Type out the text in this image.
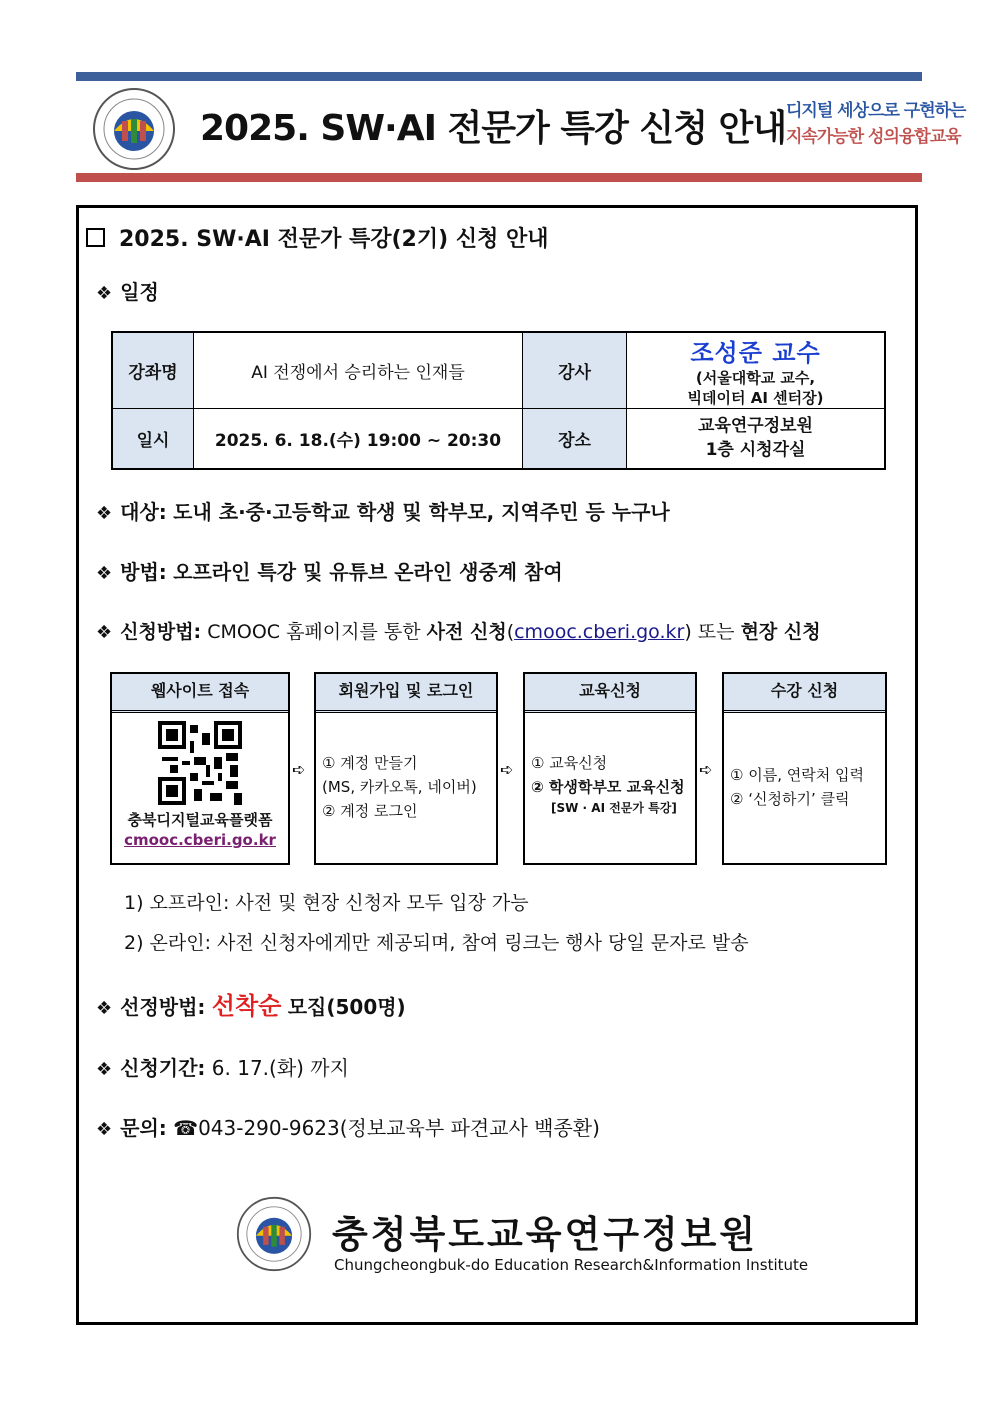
2025. SW·AI 전문가 특강 신청 안내 디지털 세상으로 구현하는
지속가능한 성의융합교육
2025. SW·AI 전문가 특강(2기) 신청 안내
❖ 일정
강좌명	AI 전쟁에서 승리하는 인재들	강사	조성준 교수
(서울대학교 교수,
빅데이터 AI 센터장)

일시	2025. 6. 18.(수) 19:00 ~ 20:30	장소	교육연구정보원
1층 시청각실
❖ 대상: 도내 초·중·고등학교 학생 및 학부모, 지역주민 등 누구나
❖ 방법: 오프라인 특강 및 유튜브 온라인 생중계 참여
❖ 신청방법: CMOOC 홈페이지를 통한 사전 신청(cmooc.cberi.go.kr) 또는 현장 신청
웹사이트 접속
충북디지털교육플랫폼
cmooc.cberi.go.kr
➪
회원가입 및 로그인
① 계정 만들기
(MS, 카카오톡, 네이버)
② 계정 로그인
➪
교육신청
① 교육신청
② 학생학부모 교육신청
[SW · AI 전문가 특강]
➪
수강 신청
① 이름, 연락처 입력
② ‘신청하기’ 클릭
1) 오프라인: 사전 및 현장 신청자 모두 입장 가능
2) 온라인: 사전 신청자에게만 제공되며, 참여 링크는 행사 당일 문자로 발송
❖ 선정방법: 선착순 모집(500명)
❖ 신청기간: 6. 17.(화) 까지
❖ 문의: ☎043-290-9623(정보교육부 파견교사 백종환)
충청북도교육연구정보원
Chungcheongbuk-do Education Research&Information Institute
